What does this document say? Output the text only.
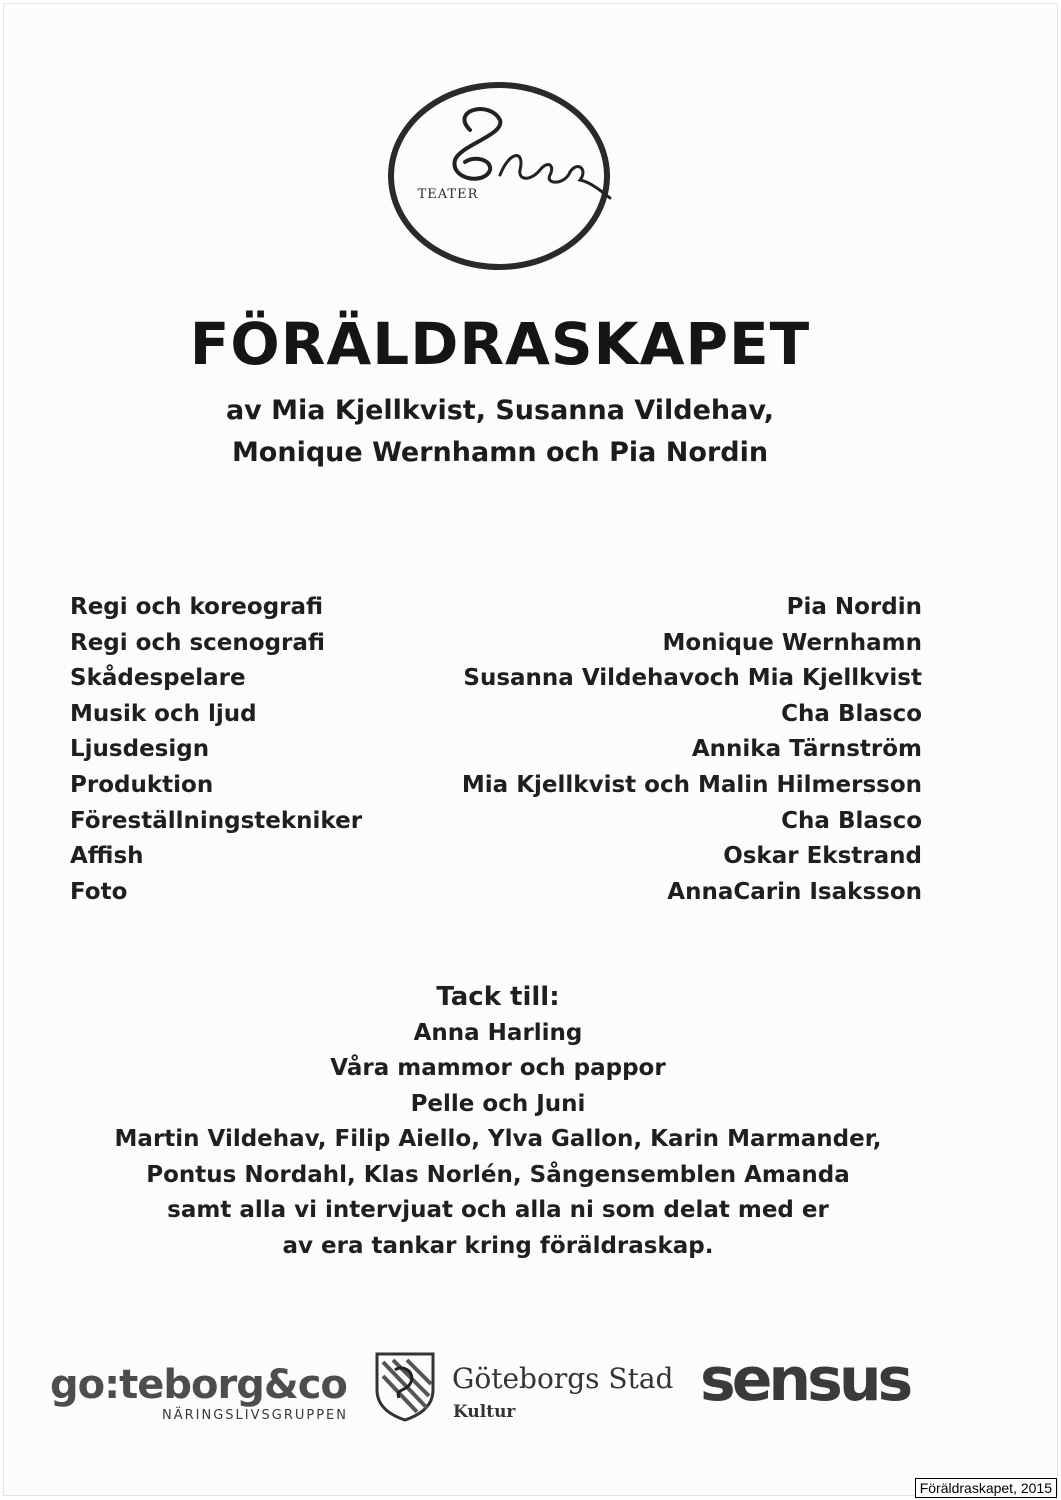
TEATER
FÖRÄLDRASKAPET
av Mia Kjellkvist, Susanna Vildehav,
Monique Wernhamn och Pia Nordin
Regi och koreografi
Regi och scenografi
Skådespelare
Musik och ljud
Ljusdesign
Produktion
Föreställningstekniker
Affish
Foto
Pia Nordin
Monique Wernhamn
Susanna Vildehavoch Mia Kjellkvist
Cha Blasco
Annika Tärnström
Mia Kjellkvist och Malin Hilmersson
Cha Blasco
Oskar Ekstrand
AnnaCarin Isaksson
Tack till:
Anna Harling
Våra mammor och pappor
Pelle och Juni
Martin Vildehav, Filip Aiello, Ylva Gallon, Karin Marmander,
Pontus Nordahl, Klas Norlén, Sångensemblen Amanda
samt alla vi intervjuat och alla ni som delat med er
av era tankar kring föräldraskap.
go:teborg&co
NÄRINGSLIVSGRUPPEN
Göteborgs Stad
Kultur	sensus
Föräldraskapet, 2015
